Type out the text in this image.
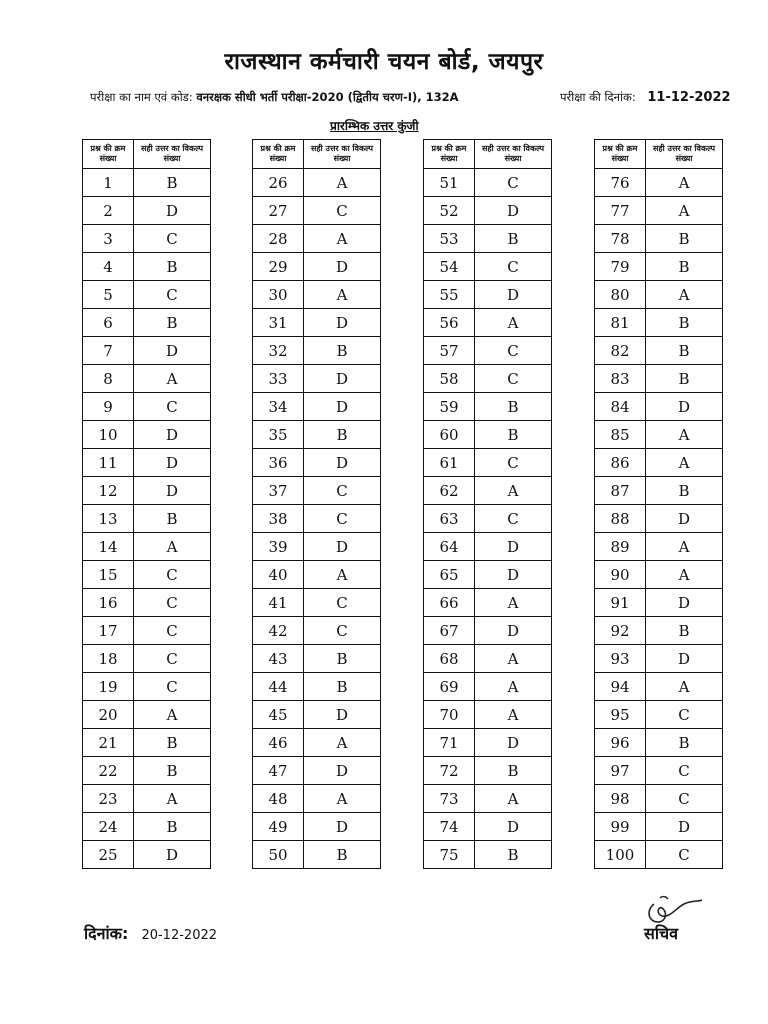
राजस्थान कर्मचारी चयन बोर्ड, जयपुर
परीक्षा का नाम एवं कोड: वनरक्षक सीधी भर्ती परीक्षा-2020 (द्वितीय चरण-I), 132A	परीक्षा की दिनांक: 11-12-2022
प्रारम्भिक उत्तर कुंजी
प्रश्न की क्रम संख्या	सही उत्तर का विकल्प संख्या
1	B
2	D
3	C
4	B
5	C
6	B
7	D
8	A
9	C
10	D
11	D
12	D
13	B
14	A
15	C
16	C
17	C
18	C
19	C
20	A
21	B
22	B
23	A
24	B
25	D
प्रश्न की क्रम संख्या	सही उत्तर का विकल्प संख्या
26	A
27	C
28	A
29	D
30	A
31	D
32	B
33	D
34	D
35	B
36	D
37	C
38	C
39	D
40	A
41	C
42	C
43	B
44	B
45	D
46	A
47	D
48	A
49	D
50	B
प्रश्न की क्रम संख्या	सही उत्तर का विकल्प संख्या
51	C
52	D
53	B
54	C
55	D
56	A
57	C
58	C
59	B
60	B
61	C
62	A
63	C
64	D
65	D
66	A
67	D
68	A
69	A
70	A
71	D
72	B
73	A
74	D
75	B
प्रश्न की क्रम संख्या	सही उत्तर का विकल्प संख्या
76	A
77	A
78	B
79	B
80	A
81	B
82	B
83	B
84	D
85	A
86	A
87	B
88	D
89	A
90	A
91	D
92	B
93	D
94	A
95	C
96	B
97	C
98	C
99	D
100	C
दिनांक: 20-12-2022	सचिव
